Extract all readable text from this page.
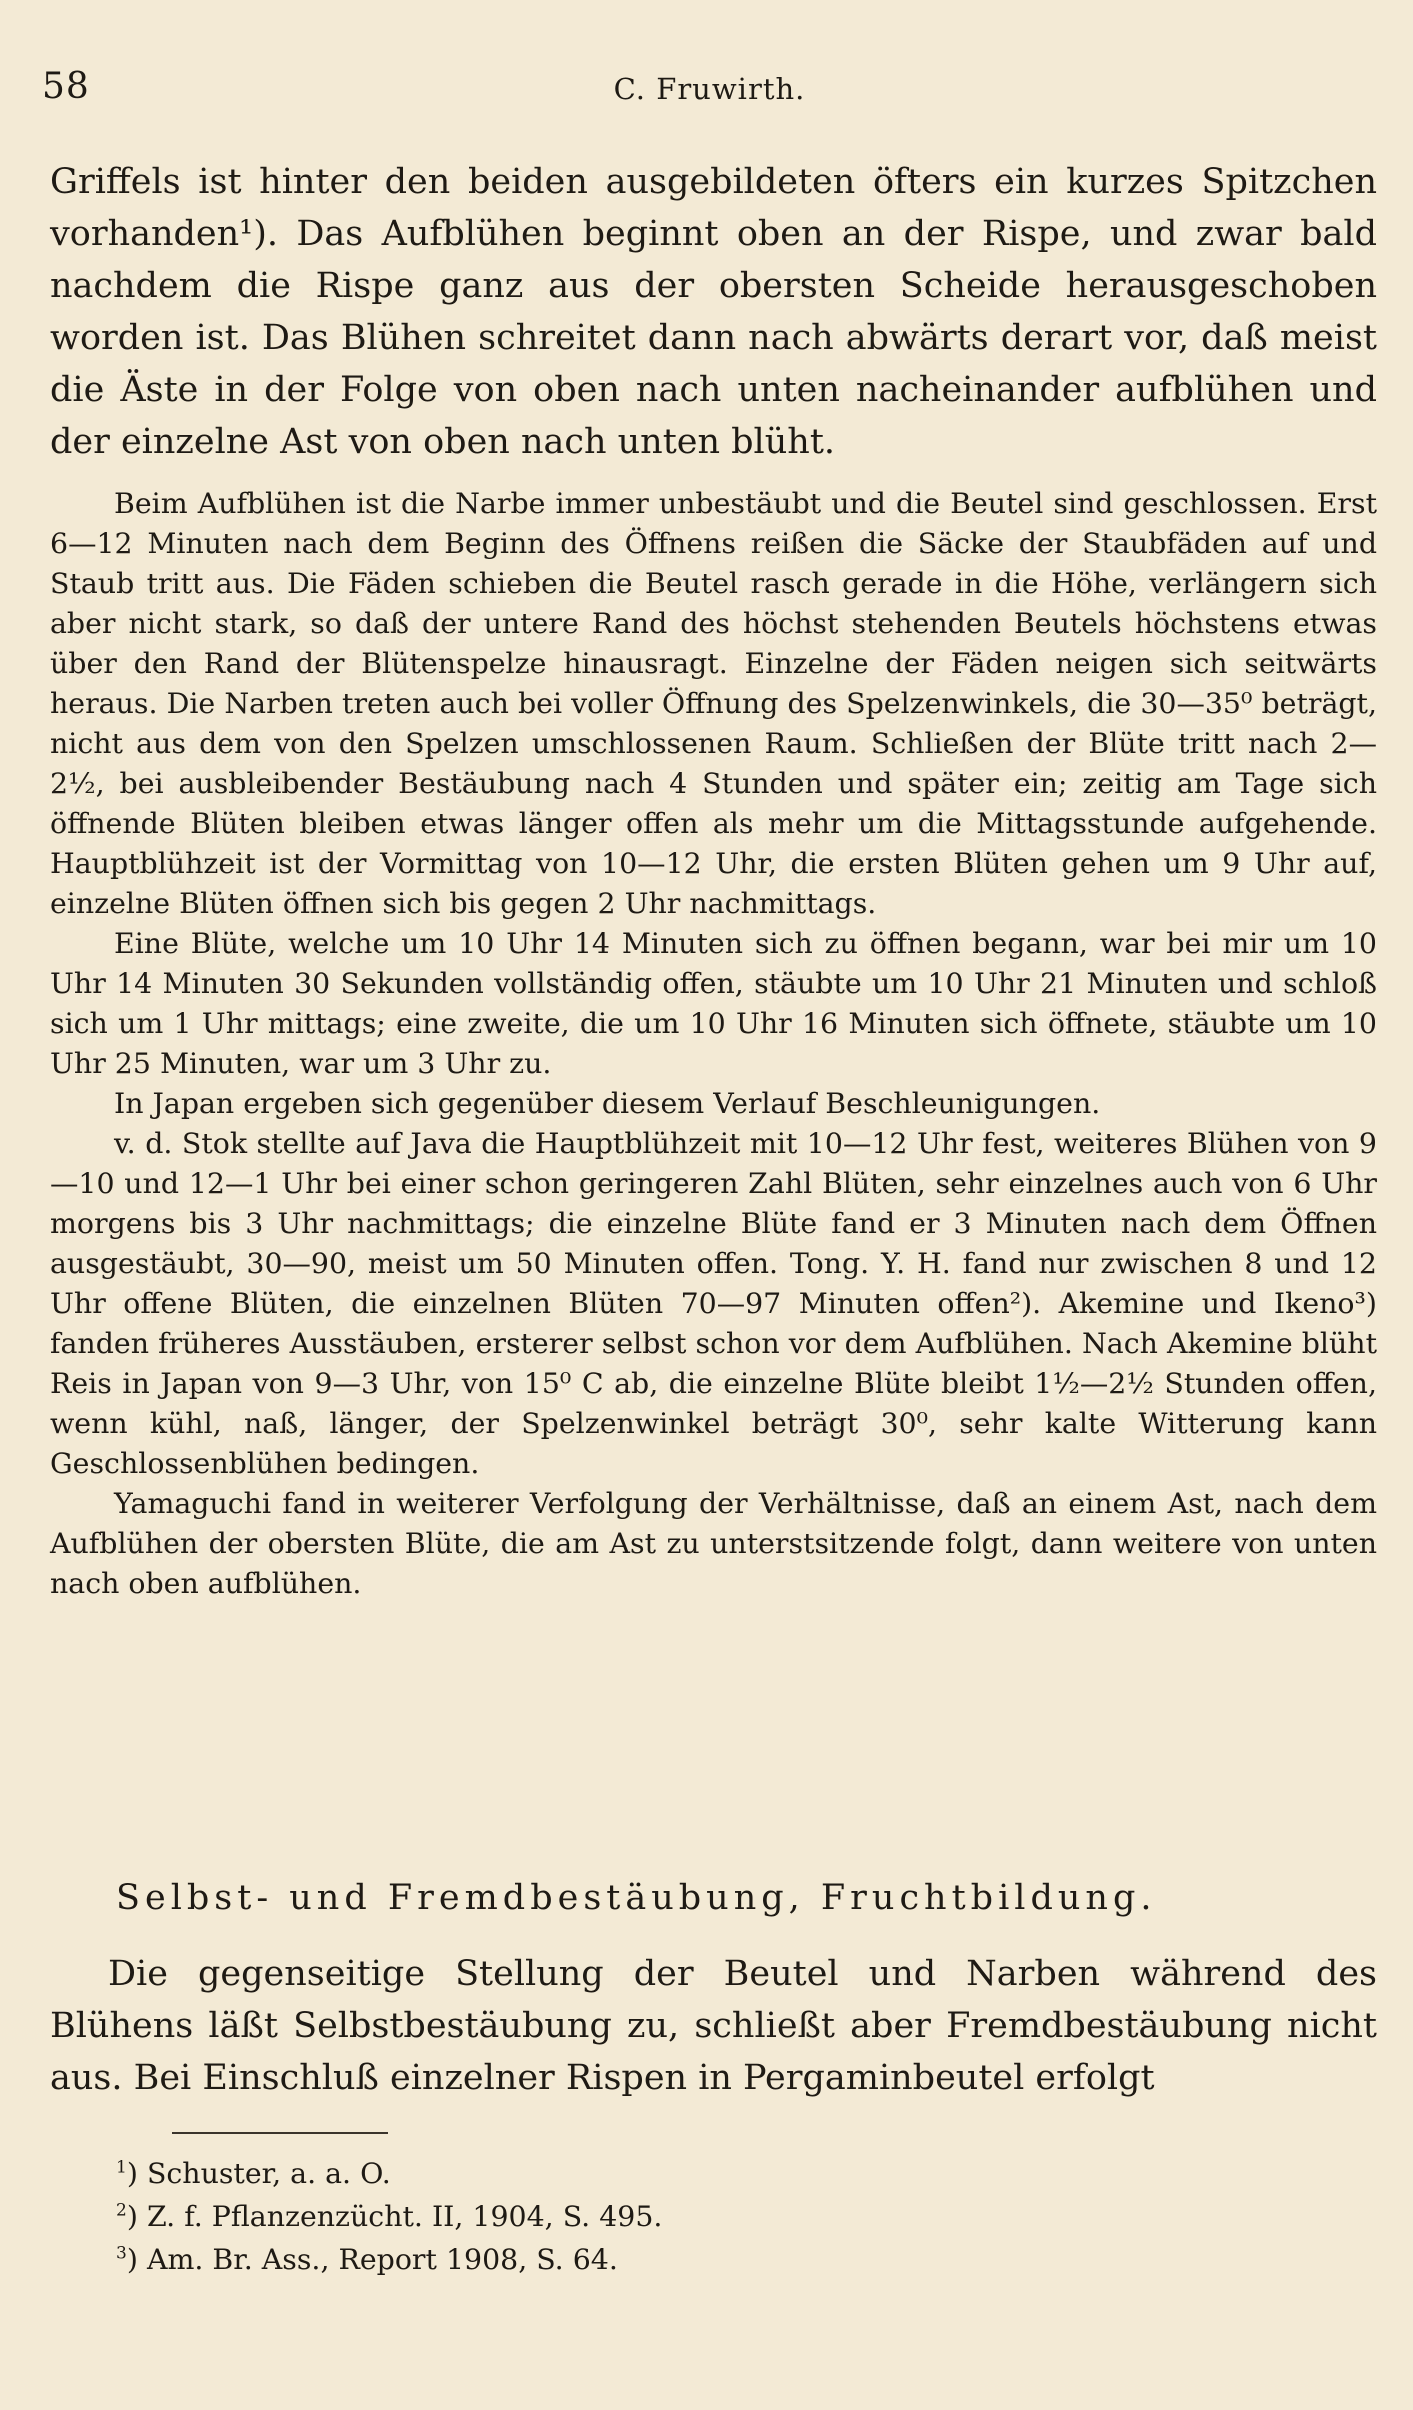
58	C. Fruwirth.

Griffels ist hinter den beiden ausgebildeten öfters ein kurzes Spitzchen vorhanden¹). Das Aufblühen beginnt oben an der Rispe, und zwar bald nachdem die Rispe ganz aus der obersten Scheide herausgeschoben worden ist. Das Blühen schreitet dann nach abwärts derart vor, daß meist die Äste in der Folge von oben nach unten nacheinander aufblühen und der einzelne Ast von oben nach unten blüht.

Beim Aufblühen ist die Narbe immer unbestäubt und die Beutel sind geschlossen. Erst 6—12 Minuten nach dem Beginn des Öffnens reißen die Säcke der Staubfäden auf und Staub tritt aus. Die Fäden schieben die Beutel rasch gerade in die Höhe, verlängern sich aber nicht stark, so daß der untere Rand des höchst stehenden Beutels höchstens etwas über den Rand der Blütenspelze hinausragt. Einzelne der Fäden neigen sich seitwärts heraus. Die Narben treten auch bei voller Öffnung des Spelzenwinkels, die 30—35⁰ beträgt, nicht aus dem von den Spelzen umschlossenen Raum. Schließen der Blüte tritt nach 2—2½, bei ausbleibender Bestäubung nach 4 Stunden und später ein; zeitig am Tage sich öffnende Blüten bleiben etwas länger offen als mehr um die Mittagsstunde aufgehende. Hauptblühzeit ist der Vormittag von 10—12 Uhr, die ersten Blüten gehen um 9 Uhr auf, einzelne Blüten öffnen sich bis gegen 2 Uhr nachmittags.

Eine Blüte, welche um 10 Uhr 14 Minuten sich zu öffnen begann, war bei mir um 10 Uhr 14 Minuten 30 Sekunden vollständig offen, stäubte um 10 Uhr 21 Minuten und schloß sich um 1 Uhr mittags; eine zweite, die um 10 Uhr 16 Minuten sich öffnete, stäubte um 10 Uhr 25 Minuten, war um 3 Uhr zu.

In Japan ergeben sich gegenüber diesem Verlauf Beschleunigungen.

v. d. Stok stellte auf Java die Hauptblühzeit mit 10—12 Uhr fest, weiteres Blühen von 9—10 und 12—1 Uhr bei einer schon geringeren Zahl Blüten, sehr einzelnes auch von 6 Uhr morgens bis 3 Uhr nachmittags; die einzelne Blüte fand er 3 Minuten nach dem Öffnen ausgestäubt, 30—90, meist um 50 Minuten offen. Tong. Y. H. fand nur zwischen 8 und 12 Uhr offene Blüten, die einzelnen Blüten 70—97 Minuten offen²). Akemine und Ikeno³) fanden früheres Ausstäuben, ersterer selbst schon vor dem Aufblühen. Nach Akemine blüht Reis in Japan von 9—3 Uhr, von 15⁰ C ab, die einzelne Blüte bleibt 1½—2½ Stunden offen, wenn kühl, naß, länger, der Spelzenwinkel beträgt 30⁰, sehr kalte Witterung kann Geschlossenblühen bedingen.

Yamaguchi fand in weiterer Verfolgung der Verhältnisse, daß an einem Ast, nach dem Aufblühen der obersten Blüte, die am Ast zu unterstsitzende folgt, dann weitere von unten nach oben aufblühen.

Selbst- und Fremdbestäubung, Fruchtbildung.

Die gegenseitige Stellung der Beutel und Narben während des Blühens läßt Selbstbestäubung zu, schließt aber Fremdbestäubung nicht aus. Bei Einschluß einzelner Rispen in Pergaminbeutel erfolgt

$^1$) Schuster, a. a. O.

$^2$) Z. f. Pflanzenzücht. II, 1904, S. 495.

$^3$) Am. Br. Ass., Report 1908, S. 64.
